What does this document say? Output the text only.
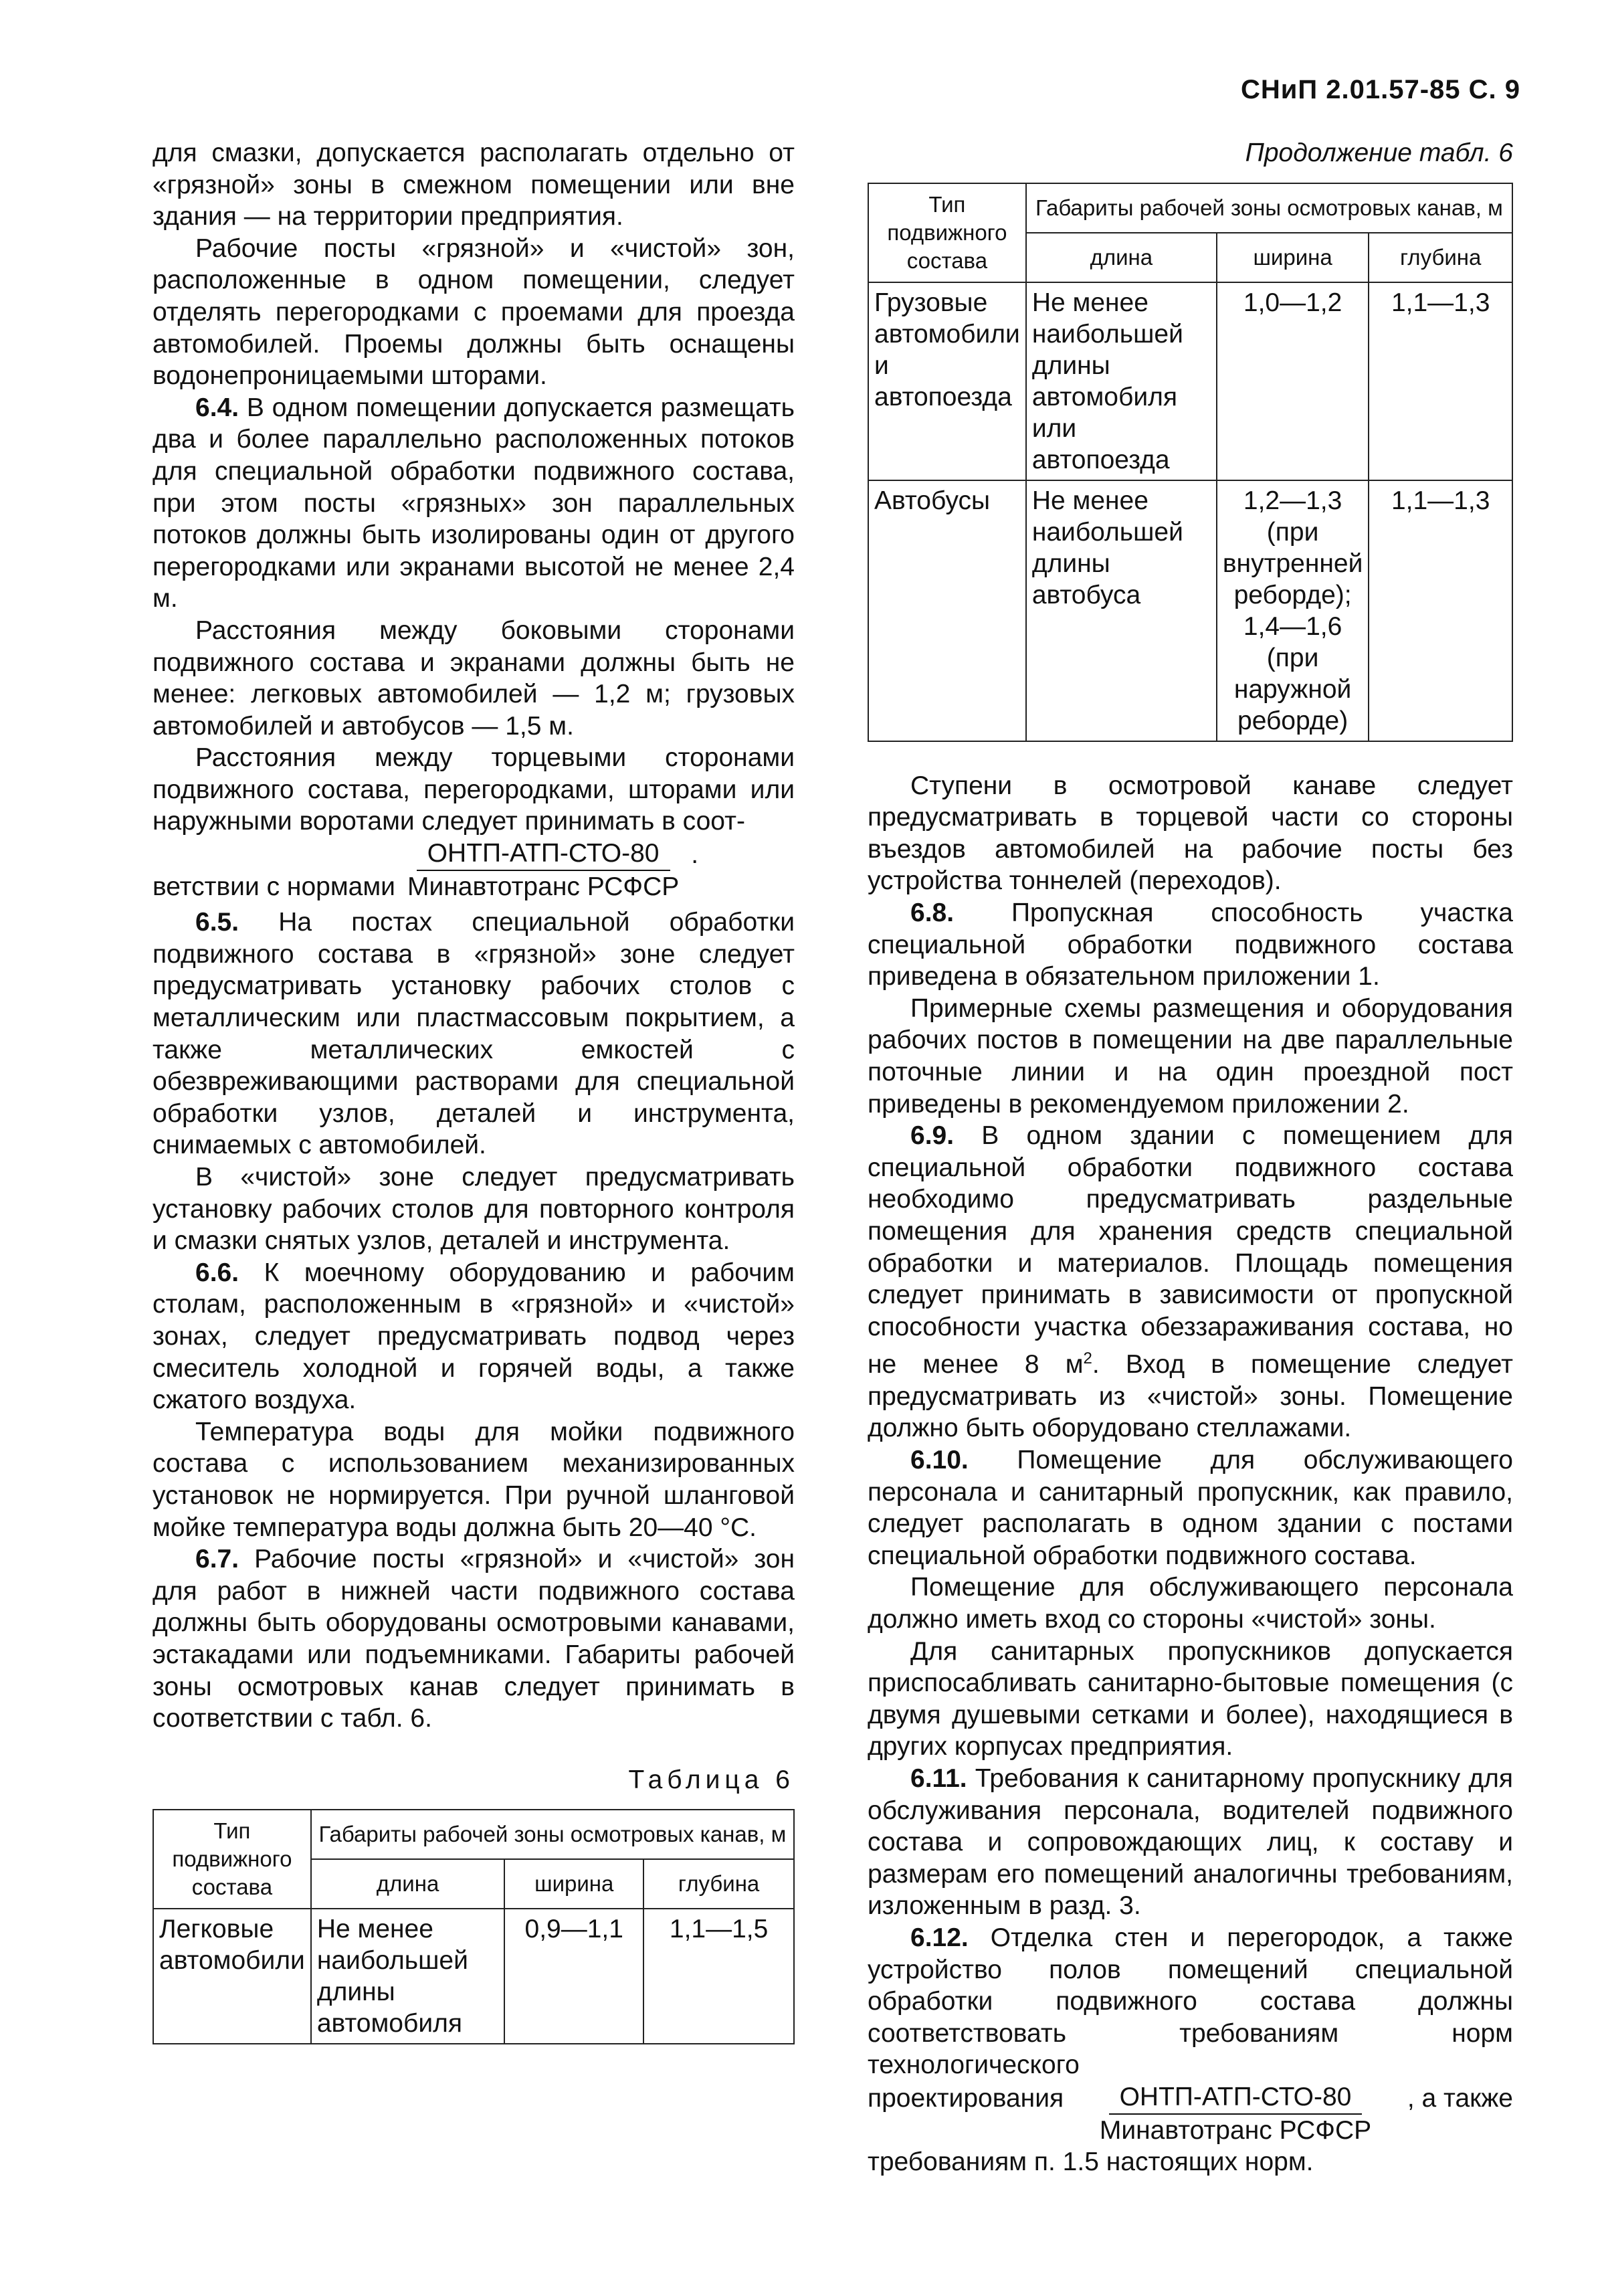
СНиП 2.01.57-85 С. 9

для смазки, допускается располагать отдельно от «грязной» зоны в смежном помещении или вне здания — на территории предприятия.

Рабочие посты «грязной» и «чистой» зон, расположенные в одном помещении, следует отделять перегородками с проемами для проезда автомобилей. Проемы должны быть оснащены водонепроницаемыми шторами.

6.4. В одном помещении допускается размещать два и более параллельно расположенных потоков для специальной обработки подвижного состава, при этом посты «грязных» зон параллельных потоков должны быть изолированы один от другого перегородками или экранами высотой не менее 2,4 м.

Расстояния между боковыми сторонами подвижного состава и экранами должны быть не менее: легковых автомобилей — 1,2 м; грузовых автомобилей и автобусов — 1,5 м.

Расстояния между торцевыми сторонами подвижного состава, перегородками, шторами или наружными воротами следует принимать в соот-

ветствии с нормами $\frac{\text{ОНТП-АТП-СТО-80}}{\text{Минавтотранс РСФСР}}$ .

6.5. На постах специальной обработки подвижного состава в «грязной» зоне следует предусматривать установку рабочих столов с металлическим или пластмассовым покрытием, а также металлических емкостей с обезвреживающими растворами для специальной обработки узлов, деталей и инструмента, снимаемых с автомобилей.

В «чистой» зоне следует предусматривать установку рабочих столов для повторного контроля и смазки снятых узлов, деталей и инструмента.

6.6. К моечному оборудованию и рабочим столам, расположенным в «грязной» и «чистой» зонах, следует предусматривать подвод через смеситель холодной и горячей воды, а также сжатого воздуха.

Температура воды для мойки подвижного состава с использованием механизированных установок не нормируется. При ручной шланговой мойке температура воды должна быть 20—40 °С.

6.7. Рабочие посты «грязной» и «чистой» зон для работ в нижней части подвижного состава должны быть оборудованы осмотровыми канавами, эстакадами или подъемниками. Габариты рабочей зоны осмотровых канав следует принимать в соответствии с табл. 6.

Таблица 6
Тип подвижного состава	Габариты рабочей зоны осмотровых канав, м		
	длина	ширина	глубина
Легковые автомобили	Не менее наибольшей длины автомобиля	0,9—1,1	1,1—1,5
Продолжение табл. 6
Тип подвижного состава	Габариты рабочей зоны осмотровых канав, м		
	длина	ширина	глубина
Грузовые автомобили и автопоезда	Не менее наибольшей длины автомобиля или автопоезда	1,0—1,2	1,1—1,3
Автобусы	Не менее наибольшей длины автобуса	1,2—1,3 (при внутренней реборде); 1,4—1,6 (при наружной реборде)	1,1—1,3

Ступени в осмотровой канаве следует предусматривать в торцевой части со стороны въездов автомобилей на рабочие посты без устройства тоннелей (переходов).

6.8. Пропускная способность участка специальной обработки подвижного состава приведена в обязательном приложении 1.

Примерные схемы размещения и оборудования рабочих постов в помещении на две параллельные поточные линии и на один проездной пост приведены в рекомендуемом приложении 2.

6.9. В одном здании с помещением для специальной обработки подвижного состава необходимо предусматривать раздельные помещения для хранения средств специальной обработки и материалов. Площадь помещения следует принимать в зависимости от пропускной способности участка обеззараживания состава, но не менее 8 $м^2$. Вход в помещение следует предусматривать из «чистой» зоны. Помещение должно быть оборудовано стеллажами.

6.10. Помещение для обслуживающего персонала и санитарный пропускник, как правило, следует располагать в одном здании с постами специальной обработки подвижного состава.

Помещение для обслуживающего персонала должно иметь вход со стороны «чистой» зоны.

Для санитарных пропускников допускается приспосабливать санитарно-бытовые помещения (с двумя душевыми сетками и более), находящиеся в других корпусах предприятия.

6.11. Требования к санитарному пропускнику для обслуживания персонала, водителей подвижного состава и сопровождающих лиц, к составу и размерам его помещений аналогичны требованиям, изложенным в разд. 3.

6.12. Отделка стен и перегородок, а также устройство полов помещений специальной обработки подвижного состава должны соответствовать требованиям норм технологического

проектирования $\frac{\text{ОНТП-АТП-СТО-80}}{\text{Минавтотранс РСФСР}}$ , а также

требованиям п. 1.5 настоящих норм.
